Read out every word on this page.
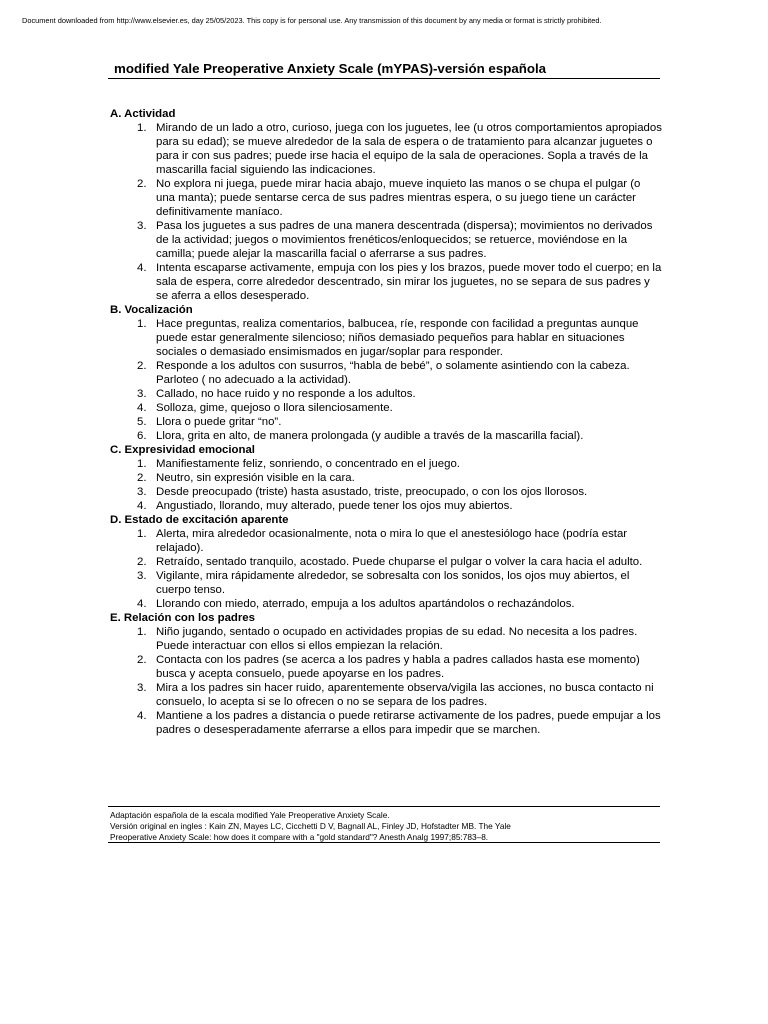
Document downloaded from http://www.elsevier.es, day 25/05/2023. This copy is for personal use. Any transmission of this document by any media or format is strictly prohibited.
modified Yale Preoperative Anxiety Scale (mYPAS)-versión española
A. Actividad
1. Mirando de un lado a otro, curioso, juega con los juguetes, lee (u otros comportamientos apropiados para su edad); se mueve alrededor de la sala de espera o de tratamiento para alcanzar juguetes o para ir con sus padres; puede irse hacia el equipo de la sala de operaciones. Sopla a través de la mascarilla facial siguiendo las indicaciones.
2. No explora ni juega, puede mirar hacia abajo, mueve inquieto las manos o se chupa el pulgar (o una manta); puede sentarse cerca de sus padres mientras espera, o su juego tiene un carácter definitivamente maníaco.
3. Pasa los juguetes a sus padres de una manera descentrada (dispersa); movimientos no derivados de la actividad; juegos o movimientos frenéticos/enloquecidos; se retuerce, moviéndose en la camilla; puede alejar la mascarilla facial o aferrarse a sus padres.
4. Intenta escaparse activamente, empuja con los pies y los brazos, puede mover todo el cuerpo; en la sala de espera, corre alrededor descentrado, sin mirar los juguetes, no se separa de sus padres y se aferra a ellos desesperado.
B. Vocalización
1. Hace preguntas, realiza comentarios, balbucea, ríe, responde con facilidad a preguntas aunque puede estar generalmente silencioso; niños demasiado pequeños para hablar en situaciones sociales o demasiado ensimismados en jugar/soplar para responder.
2. Responde a los adultos con susurros, “habla de bebé”, o solamente asintiendo con la cabeza. Parloteo ( no adecuado a la actividad).
3. Callado, no hace ruido y no responde a los adultos.
4. Solloza, gime, quejoso o llora silenciosamente.
5. Llora o puede gritar “no”.
6. Llora, grita en alto, de manera prolongada (y audible a través de la mascarilla facial).
C. Expresividad emocional
1. Manifiestamente feliz, sonriendo, o concentrado en el juego.
2. Neutro, sin expresión visible en la cara.
3. Desde preocupado (triste) hasta asustado, triste, preocupado, o con los ojos llorosos.
4. Angustiado, llorando, muy alterado, puede tener los ojos muy abiertos.
D. Estado de excitación aparente
1. Alerta, mira alrededor ocasionalmente, nota o mira lo que el anestesiólogo hace (podría estar relajado).
2. Retraído, sentado tranquilo, acostado. Puede chuparse el pulgar o volver la cara hacia el adulto.
3. Vigilante, mira rápidamente alrededor, se sobresalta con los sonidos, los ojos muy abiertos, el cuerpo tenso.
4. Llorando con miedo, aterrado, empuja a los adultos apartándolos o rechazándolos.
E. Relación con los padres
1. Niño jugando, sentado o ocupado en actividades propias de su edad. No necesita a los padres. Puede interactuar con ellos si ellos empiezan la relación.
2. Contacta con los padres (se acerca a los padres y habla a padres callados hasta ese momento) busca y acepta consuelo, puede apoyarse en los padres.
3. Mira a los padres sin hacer ruido, aparentemente observa/vigila las acciones, no busca contacto ni consuelo, lo acepta si se lo ofrecen o no se separa de los padres.
4. Mantiene a los padres a distancia o puede retirarse activamente de los padres, puede empujar a los padres o desesperadamente aferrarse a ellos para impedir que se marchen.
Adaptación española de la escala modified Yale Preoperative Anxiety Scale.
Versión original en ingles : Kain ZN, Mayes LC, Cicchetti D V, Bagnall AL, Finley JD, Hofstadter MB. The Yale
Preoperative Anxiety Scale: how does it compare with a "gold standard"? Anesth Analg 1997;85:783–8.
